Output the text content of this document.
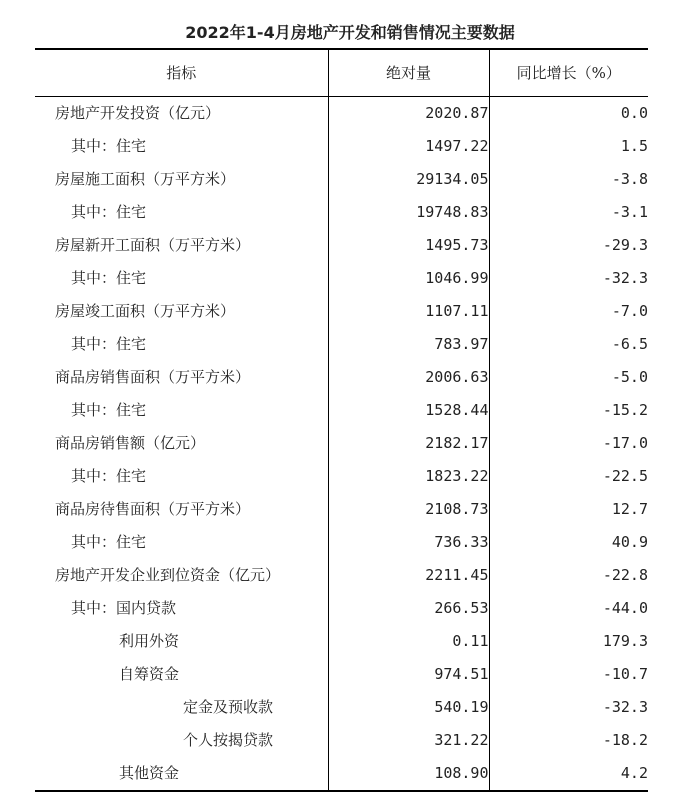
2022年1-4月房地产开发和销售情况主要数据
指标	绝对量	同比增长（%）
房地产开发投资（亿元）	2020.87	0.0
其中：住宅	1497.22	1.5
房屋施工面积（万平方米）	29134.05	-3.8
其中：住宅	19748.83	-3.1
房屋新开工面积（万平方米）	1495.73	-29.3
其中：住宅	1046.99	-32.3
房屋竣工面积（万平方米）	1107.11	-7.0
其中：住宅	783.97	-6.5
商品房销售面积（万平方米）	2006.63	-5.0
其中：住宅	1528.44	-15.2
商品房销售额（亿元）	2182.17	-17.0
其中：住宅	1823.22	-22.5
商品房待售面积（万平方米）	2108.73	12.7
其中：住宅	736.33	40.9
房地产开发企业到位资金（亿元）	2211.45	-22.8
其中：国内贷款	266.53	-44.0
利用外资	0.11	179.3
自筹资金	974.51	-10.7
定金及预收款	540.19	-32.3
个人按揭贷款	321.22	-18.2
其他资金	108.90	4.2
